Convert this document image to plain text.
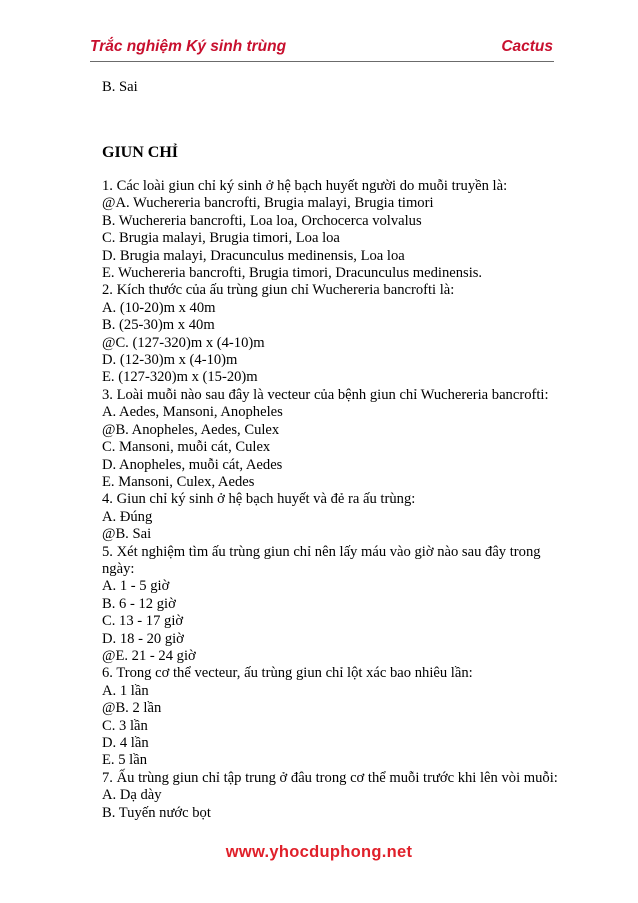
Trắc nghiệm Ký sinh trùng	Cactus
B. Sai
GIUN CHỈ
1. Các loài giun chỉ ký sinh ở hệ bạch huyết người do muỗi truyền là:
@A. Wuchereria bancrofti, Brugia malayi, Brugia timori
B. Wuchereria bancrofti, Loa loa, Orchocerca volvalus
C. Brugia malayi, Brugia timori, Loa loa
D. Brugia malayi, Dracunculus medinensis, Loa loa
E. Wuchereria bancrofti, Brugia timori, Dracunculus medinensis.
2. Kích thước của ấu trùng giun chỉ Wuchereria bancrofti là:
A. (10-20)m x 40m
B. (25-30)m x 40m
@C. (127-320)m x (4-10)m
D. (12-30)m x (4-10)m
E. (127-320)m x (15-20)m
3. Loài muỗi nào sau đây là vecteur của bệnh giun chỉ Wuchereria bancrofti:
A. Aedes, Mansoni, Anopheles
@B. Anopheles, Aedes, Culex
C. Mansoni, muỗi cát, Culex
D. Anopheles, muỗi cát, Aedes
E. Mansoni, Culex, Aedes
4. Giun chỉ ký sinh ở hệ bạch huyết và đẻ ra ấu trùng:
A. Đúng
@B. Sai
5. Xét nghiệm tìm ấu trùng giun chỉ nên lấy máu vào giờ nào sau đây trong
ngày:
A. 1 - 5 giờ
B. 6 - 12 giờ
C. 13 - 17 giờ
D. 18 - 20 giờ
@E. 21 - 24 giờ
6. Trong cơ thể vecteur, ấu trùng giun chỉ lột xác bao nhiêu lần:
A. 1 lần
@B. 2 lần
C. 3 lần
D. 4 lần
E. 5 lần
7. Ấu trùng giun chỉ tập trung ở đâu trong cơ thể muỗi trước khi lên vòi muỗi:
A. Dạ dày
B. Tuyến nước bọt
www.yhocduphong.net
